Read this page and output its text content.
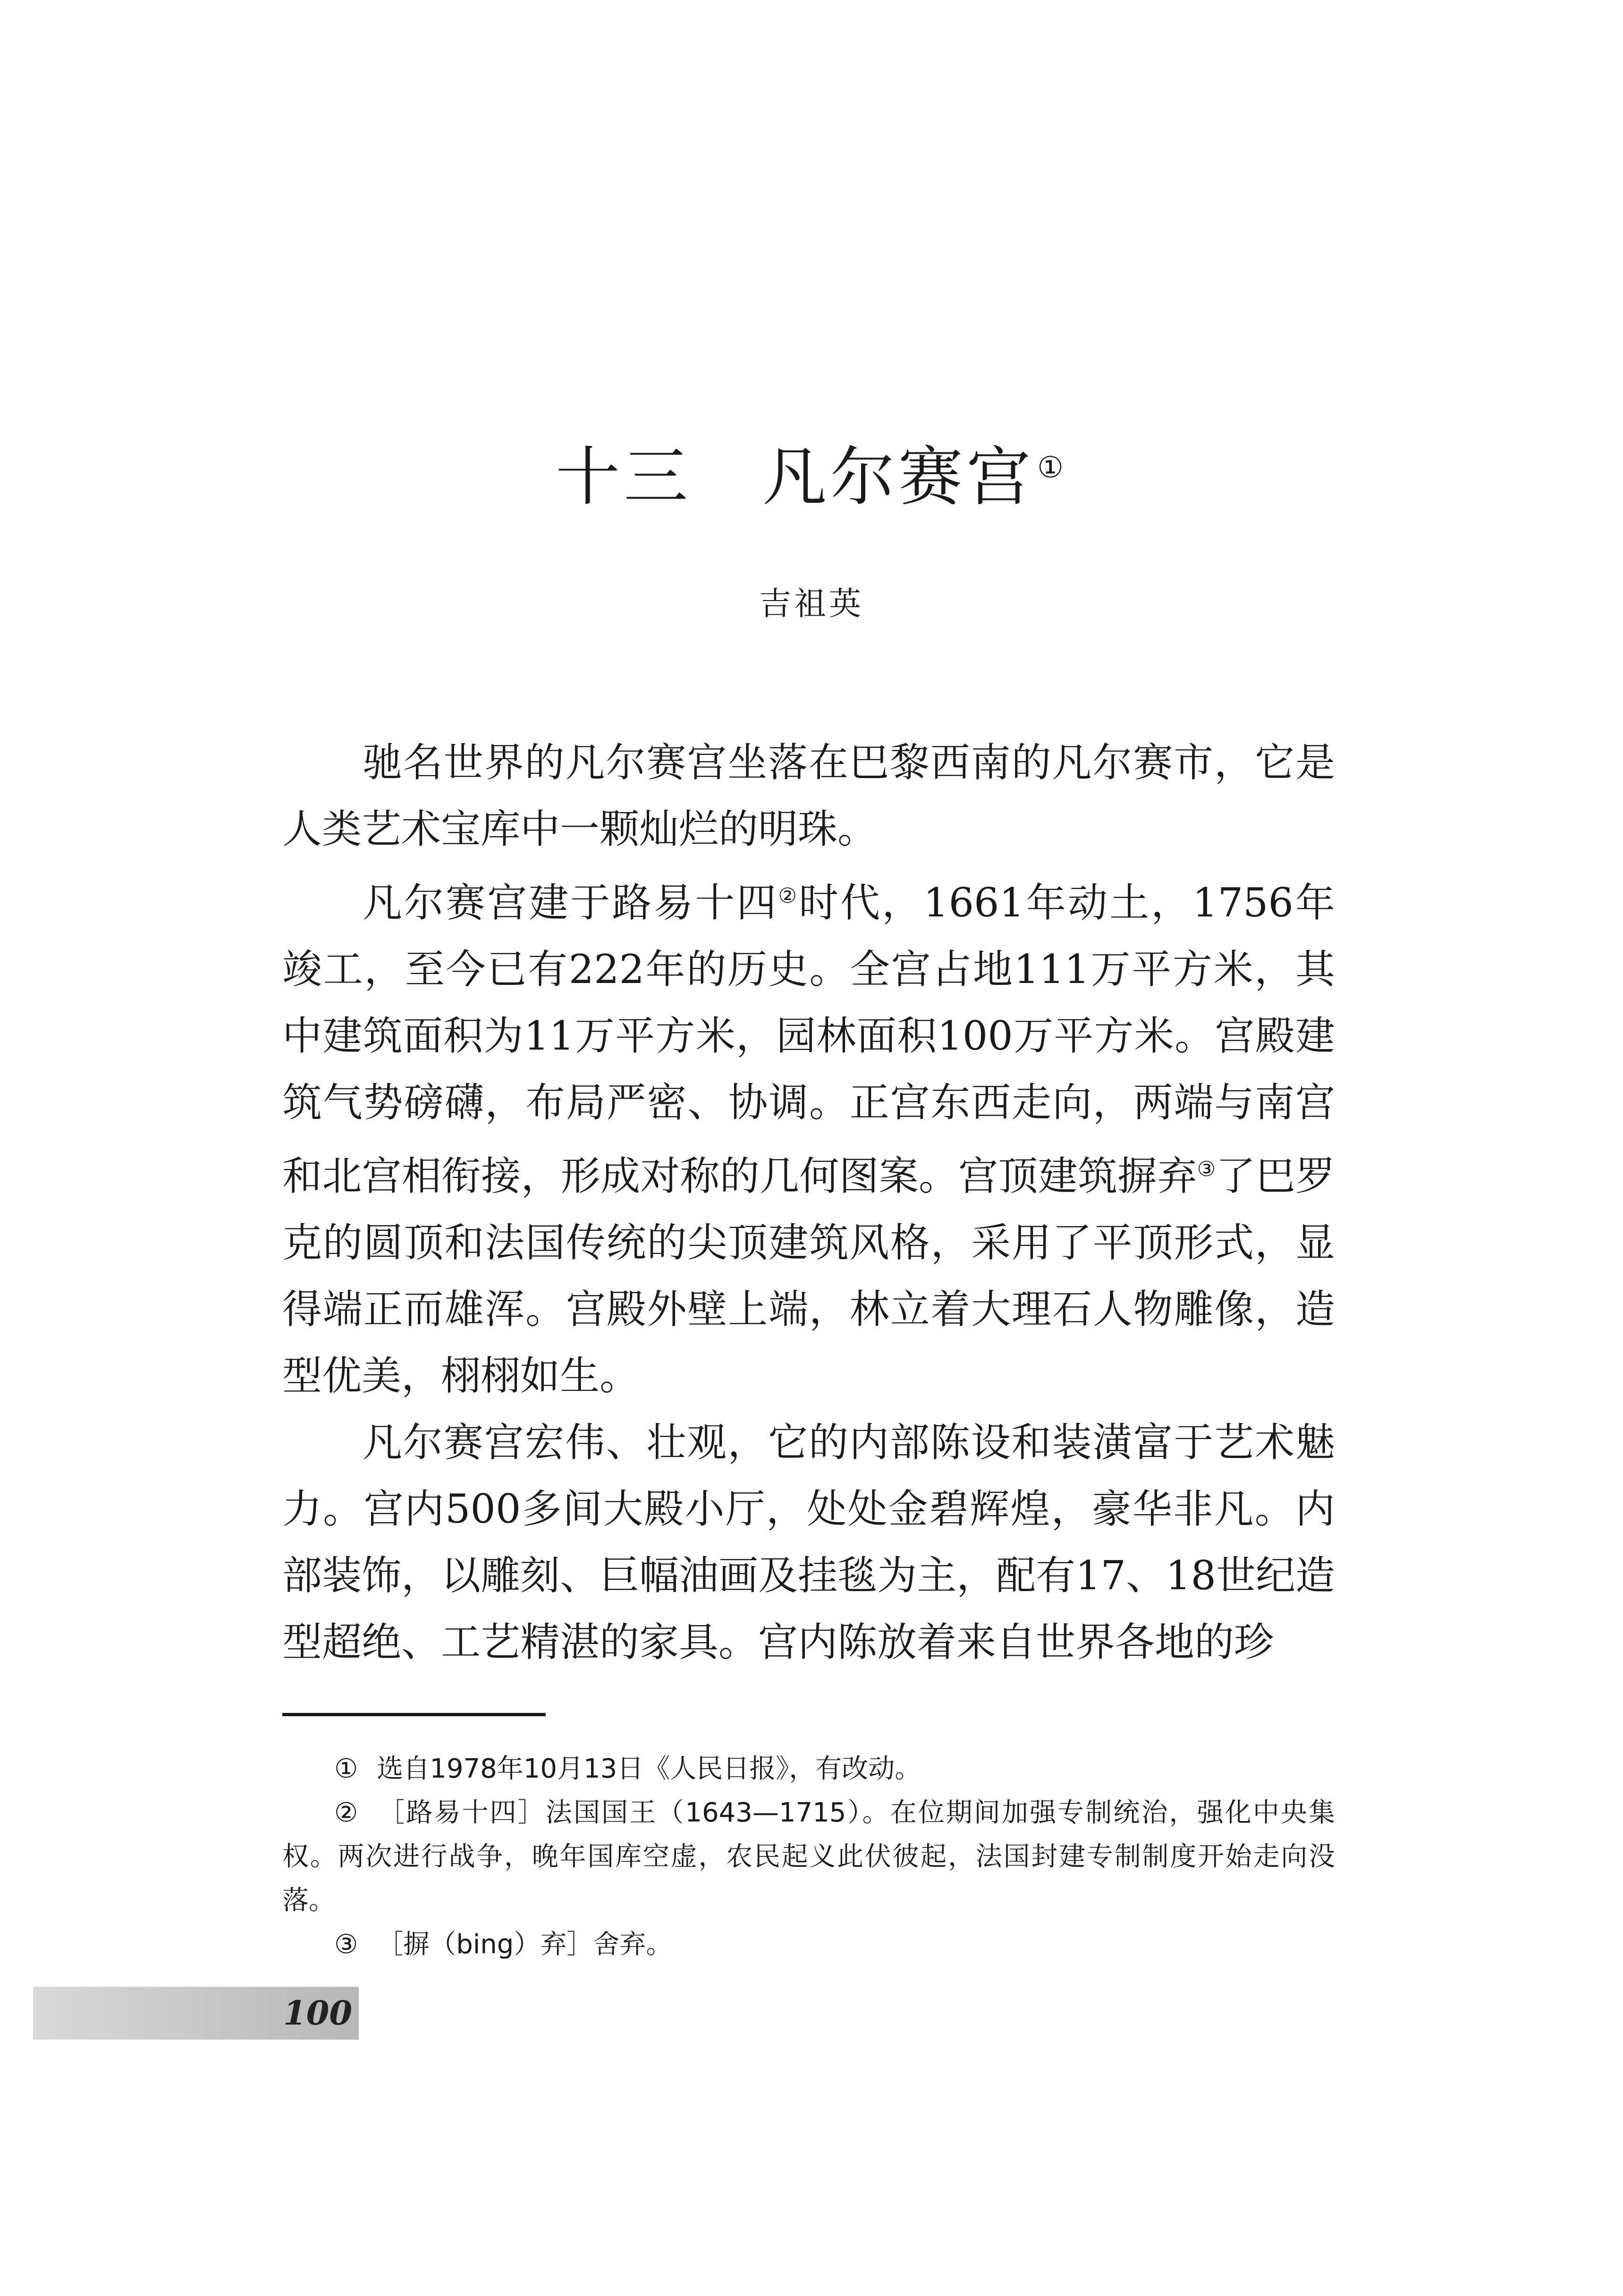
十三 凡尔赛宫①
吉祖英

驰名世界的凡尔赛宫坐落在巴黎西南的凡尔赛市，它是人类艺术宝库中一颗灿烂的明珠。

凡尔赛宫建于路易十四②时代，1661年动土，1756年竣工，至今已有222年的历史。全宫占地111万平方米，其中建筑面积为11万平方米，园林面积100万平方米。宫殿建筑气势磅礴，布局严密、协调。正宫东西走向，两端与南宫和北宫相衔接，形成对称的几何图案。宫顶建筑摒弃③了巴罗克的圆顶和法国传统的尖顶建筑风格，采用了平顶形式，显得端正而雄浑。宫殿外壁上端，林立着大理石人物雕像，造型优美，栩栩如生。

凡尔赛宫宏伟、壮观，它的内部陈设和装潢富于艺术魅力。宫内500多间大殿小厅，处处金碧辉煌，豪华非凡。内部装饰，以雕刻、巨幅油画及挂毯为主，配有17、18世纪造型超绝、工艺精湛的家具。宫内陈放着来自世界各地的珍

① 选自1978年10月13日《人民日报》，有改动。

② ［路易十四］法国国王（1643—1715）。在位期间加强专制统治，强化中央集权。两次进行战争，晚年国库空虚，农民起义此伏彼起，法国封建专制制度开始走向没落。

③ ［摒（bing）弃］舍弃。

100
